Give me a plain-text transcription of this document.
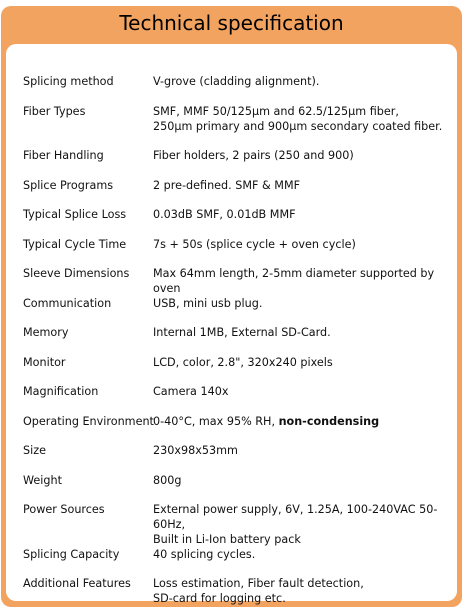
Technical specification
Splicing method	V-grove (cladding alignment).
Fiber Types	SMF, MMF 50/125µm and 62.5/125µm fiber,
250µm primary and 900µm secondary coated fiber.
Fiber Handling	Fiber holders, 2 pairs (250 and 900)
Splice Programs	2 pre-defined. SMF & MMF
Typical Splice Loss	0.03dB SMF, 0.01dB MMF
Typical Cycle Time	7s + 50s (splice cycle + oven cycle)
Sleeve Dimensions	Max 64mm length, 2-5mm diameter supported by oven
Communication	USB, mini usb plug.
Memory	Internal 1MB, External SD-Card.
Monitor	LCD, color, 2.8", 320x240 pixels
Magnification	Camera 140x
Operating Environment 0-40°C, max 95% RH, non-condensing
Size	230x98x53mm
Weight	800g
Power Sources	External power supply, 6V, 1.25A, 100-240VAC 50-60Hz,
Built in Li-Ion battery pack
Splicing Capacity	40 splicing cycles.
Additional Features	Loss estimation, Fiber fault detection,
SD-card for logging etc.
